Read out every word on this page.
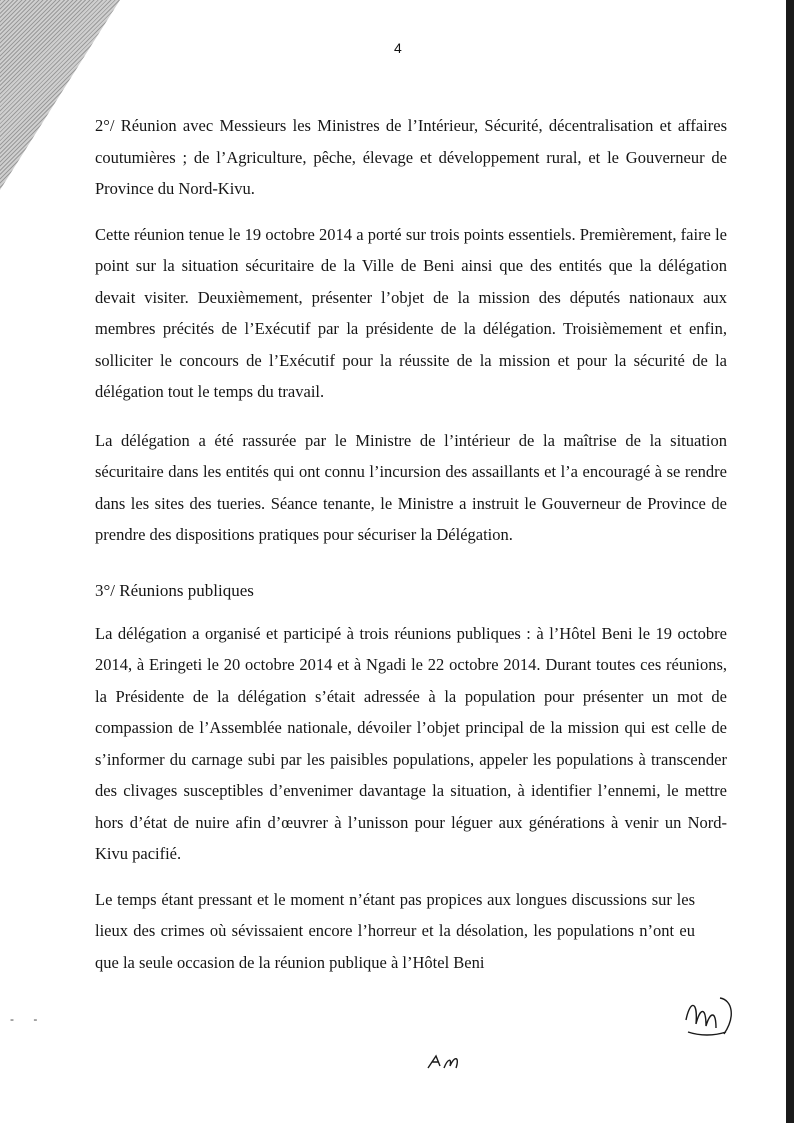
- -
4

2°/ Réunion avec Messieurs les Ministres de l’Intérieur, Sécurité, décentralisation et affaires coutumières ; de l’Agriculture, pêche, élevage et développement rural, et le Gouverneur de Province du Nord-Kivu.

Cette réunion tenue le 19 octobre 2014 a porté sur trois points essentiels. Premièrement, faire le point sur la situation sécuritaire de la Ville de Beni ainsi que des entités que la délégation devait visiter. Deuxièmement, présenter l’objet de la mission des députés nationaux aux membres précités de l’Exécutif par la présidente de la délégation. Troisièmement et enfin, solliciter le concours de l’Exécutif pour la réussite de la mission et pour la sécurité de la délégation tout le temps du travail.

La délégation a été rassurée par le Ministre de l’intérieur de la maîtrise de la situation sécuritaire dans les entités qui ont connu l’incursion des assaillants et l’a encouragé à se rendre dans les sites des tueries. Séance tenante, le Ministre a instruit le Gouverneur de Province de prendre des dispositions pratiques pour sécuriser la Délégation.

3°/ Réunions publiques

La délégation a organisé et participé à trois réunions publiques : à l’Hôtel Beni le 19 octobre 2014, à Eringeti le 20 octobre 2014 et à Ngadi le 22 octobre 2014. Durant toutes ces réunions, la Présidente de la délégation s’était adressée à la population pour présenter un mot de compassion de l’Assemblée nationale, dévoiler l’objet principal de la mission qui est celle de s’informer du carnage subi par les paisibles populations, appeler les populations à transcender des clivages susceptibles d’envenimer davantage la situation, à identifier l’ennemi, le mettre hors d’état de nuire afin d’œuvrer à l’unisson pour léguer aux générations à venir un Nord-Kivu pacifié.

Le temps étant pressant et le moment n’étant pas propices aux longues discussions sur les lieux des crimes où sévissaient encore l’horreur et la désolation, les populations n’ont eu que la seule occasion de la réunion publique à l’Hôtel Beni
